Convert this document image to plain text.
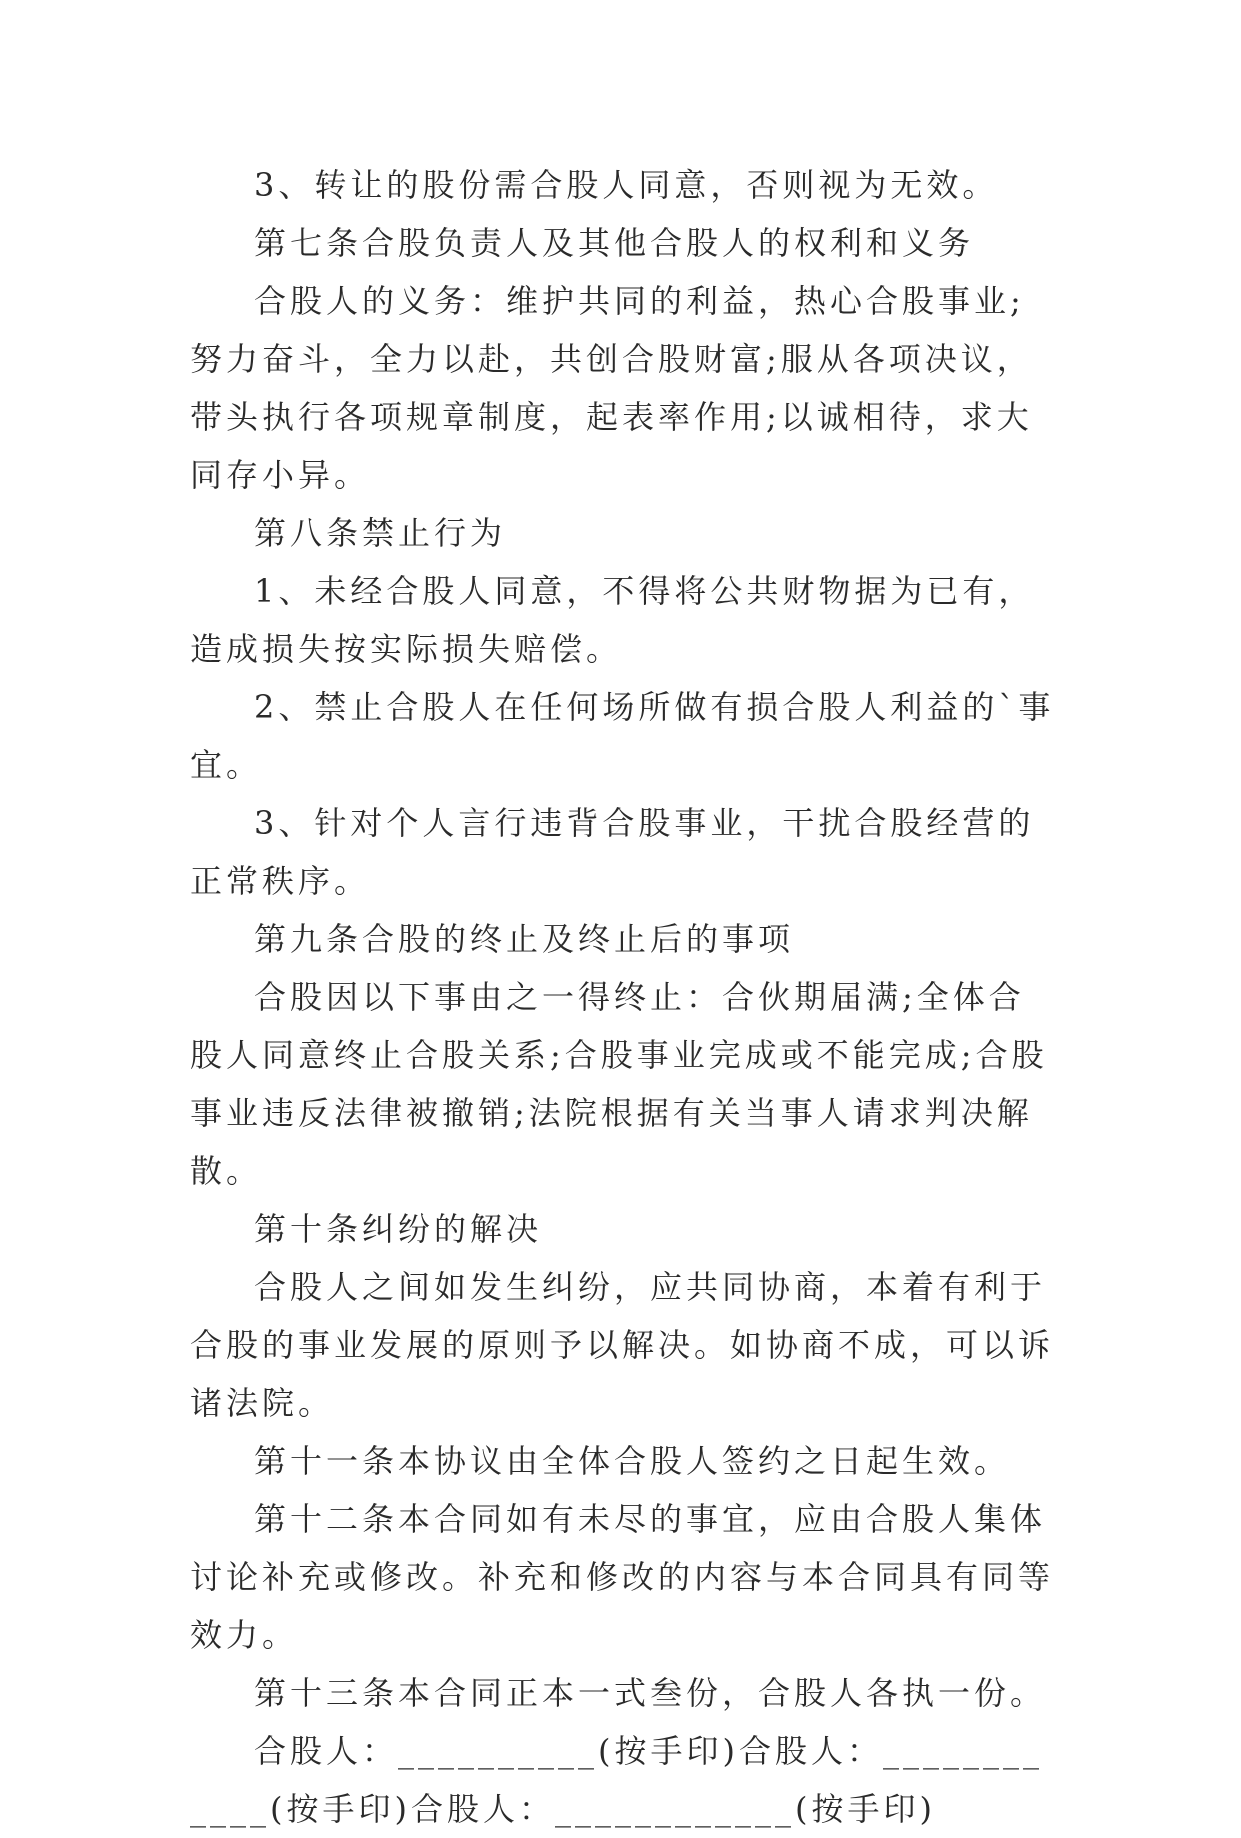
3、转让的股份需合股人同意，否则视为无效。

第七条合股负责人及其他合股人的权利和义务

合股人的义务：维护共同的利益，热心合股事业;努力奋斗，全力以赴，共创合股财富;服从各项决议，带头执行各项规章制度，起表率作用;以诚相待，求大同存小异。

第八条禁止行为

1、未经合股人同意，不得将公共财物据为已有，造成损失按实际损失赔偿。

2、禁止合股人在任何场所做有损合股人利益的`事宜。

3、针对个人言行违背合股事业，干扰合股经营的正常秩序。

第九条合股的终止及终止后的事项

合股因以下事由之一得终止：合伙期届满;全体合股人同意终止合股关系;合股事业完成或不能完成;合股事业违反法律被撤销;法院根据有关当事人请求判决解散。

第十条纠纷的解决

合股人之间如发生纠纷，应共同协商，本着有利于合股的事业发展的原则予以解决。如协商不成，可以诉诸法院。

第十一条本协议由全体合股人签约之日起生效。

第十二条本合同如有未尽的事宜，应由合股人集体讨论补充或修改。补充和修改的内容与本合同具有同等效力。

第十三条本合同正本一式叁份，合股人各执一份。

合股人：__________(按手印)合股人：____________(按手印)合股人：____________(按手印)
